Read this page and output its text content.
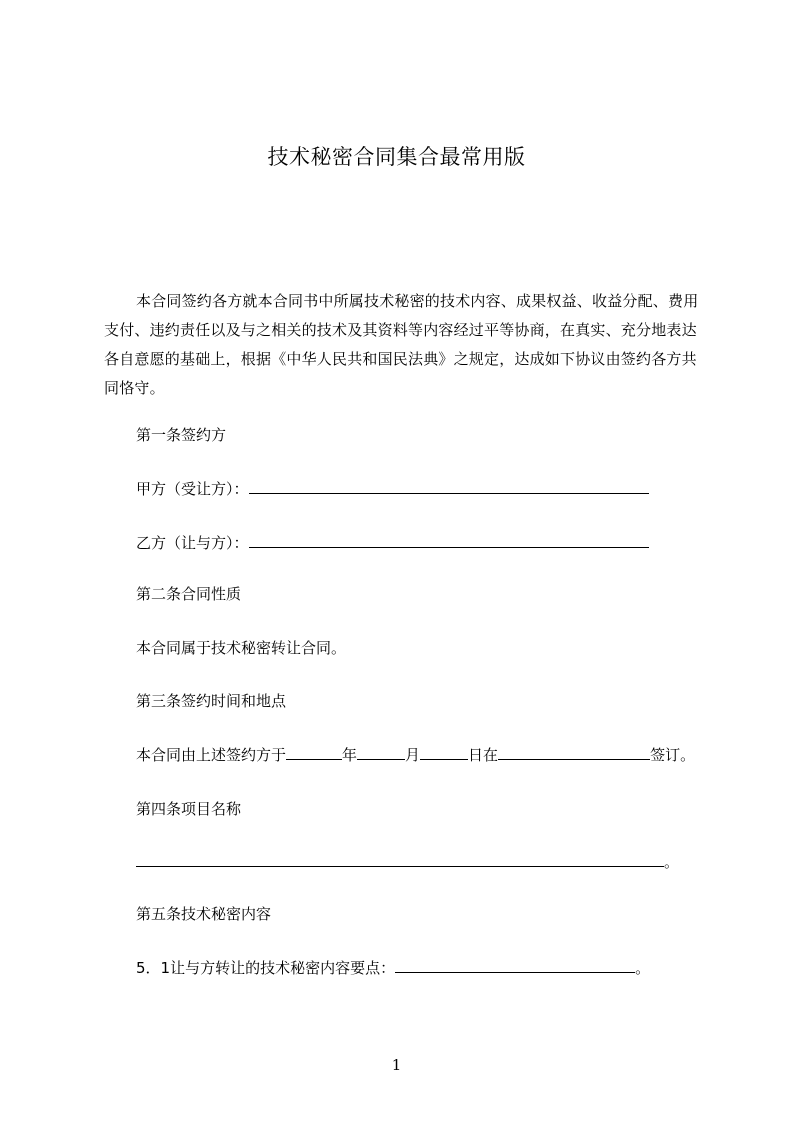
技术秘密合同集合最常用版
本合同签约各方就本合同书中所属技术秘密的技术内容、成果权益、收益分配、费用支付、违约责任以及与之相关的技术及其资料等内容经过平等协商，在真实、充分地表达各自意愿的基础上，根据《中华人民共和国民法典》之规定，达成如下协议由签约各方共同恪守。
第一条签约方
甲方（受让方）：
乙方（让与方）：
第二条合同性质
本合同属于技术秘密转让合同。
第三条签约时间和地点
本合同由上述签约方于	年	月	日在	签订。
第四条项目名称
。
第五条技术秘密内容
5．1让与方转让的技术秘密内容要点：	。
1
